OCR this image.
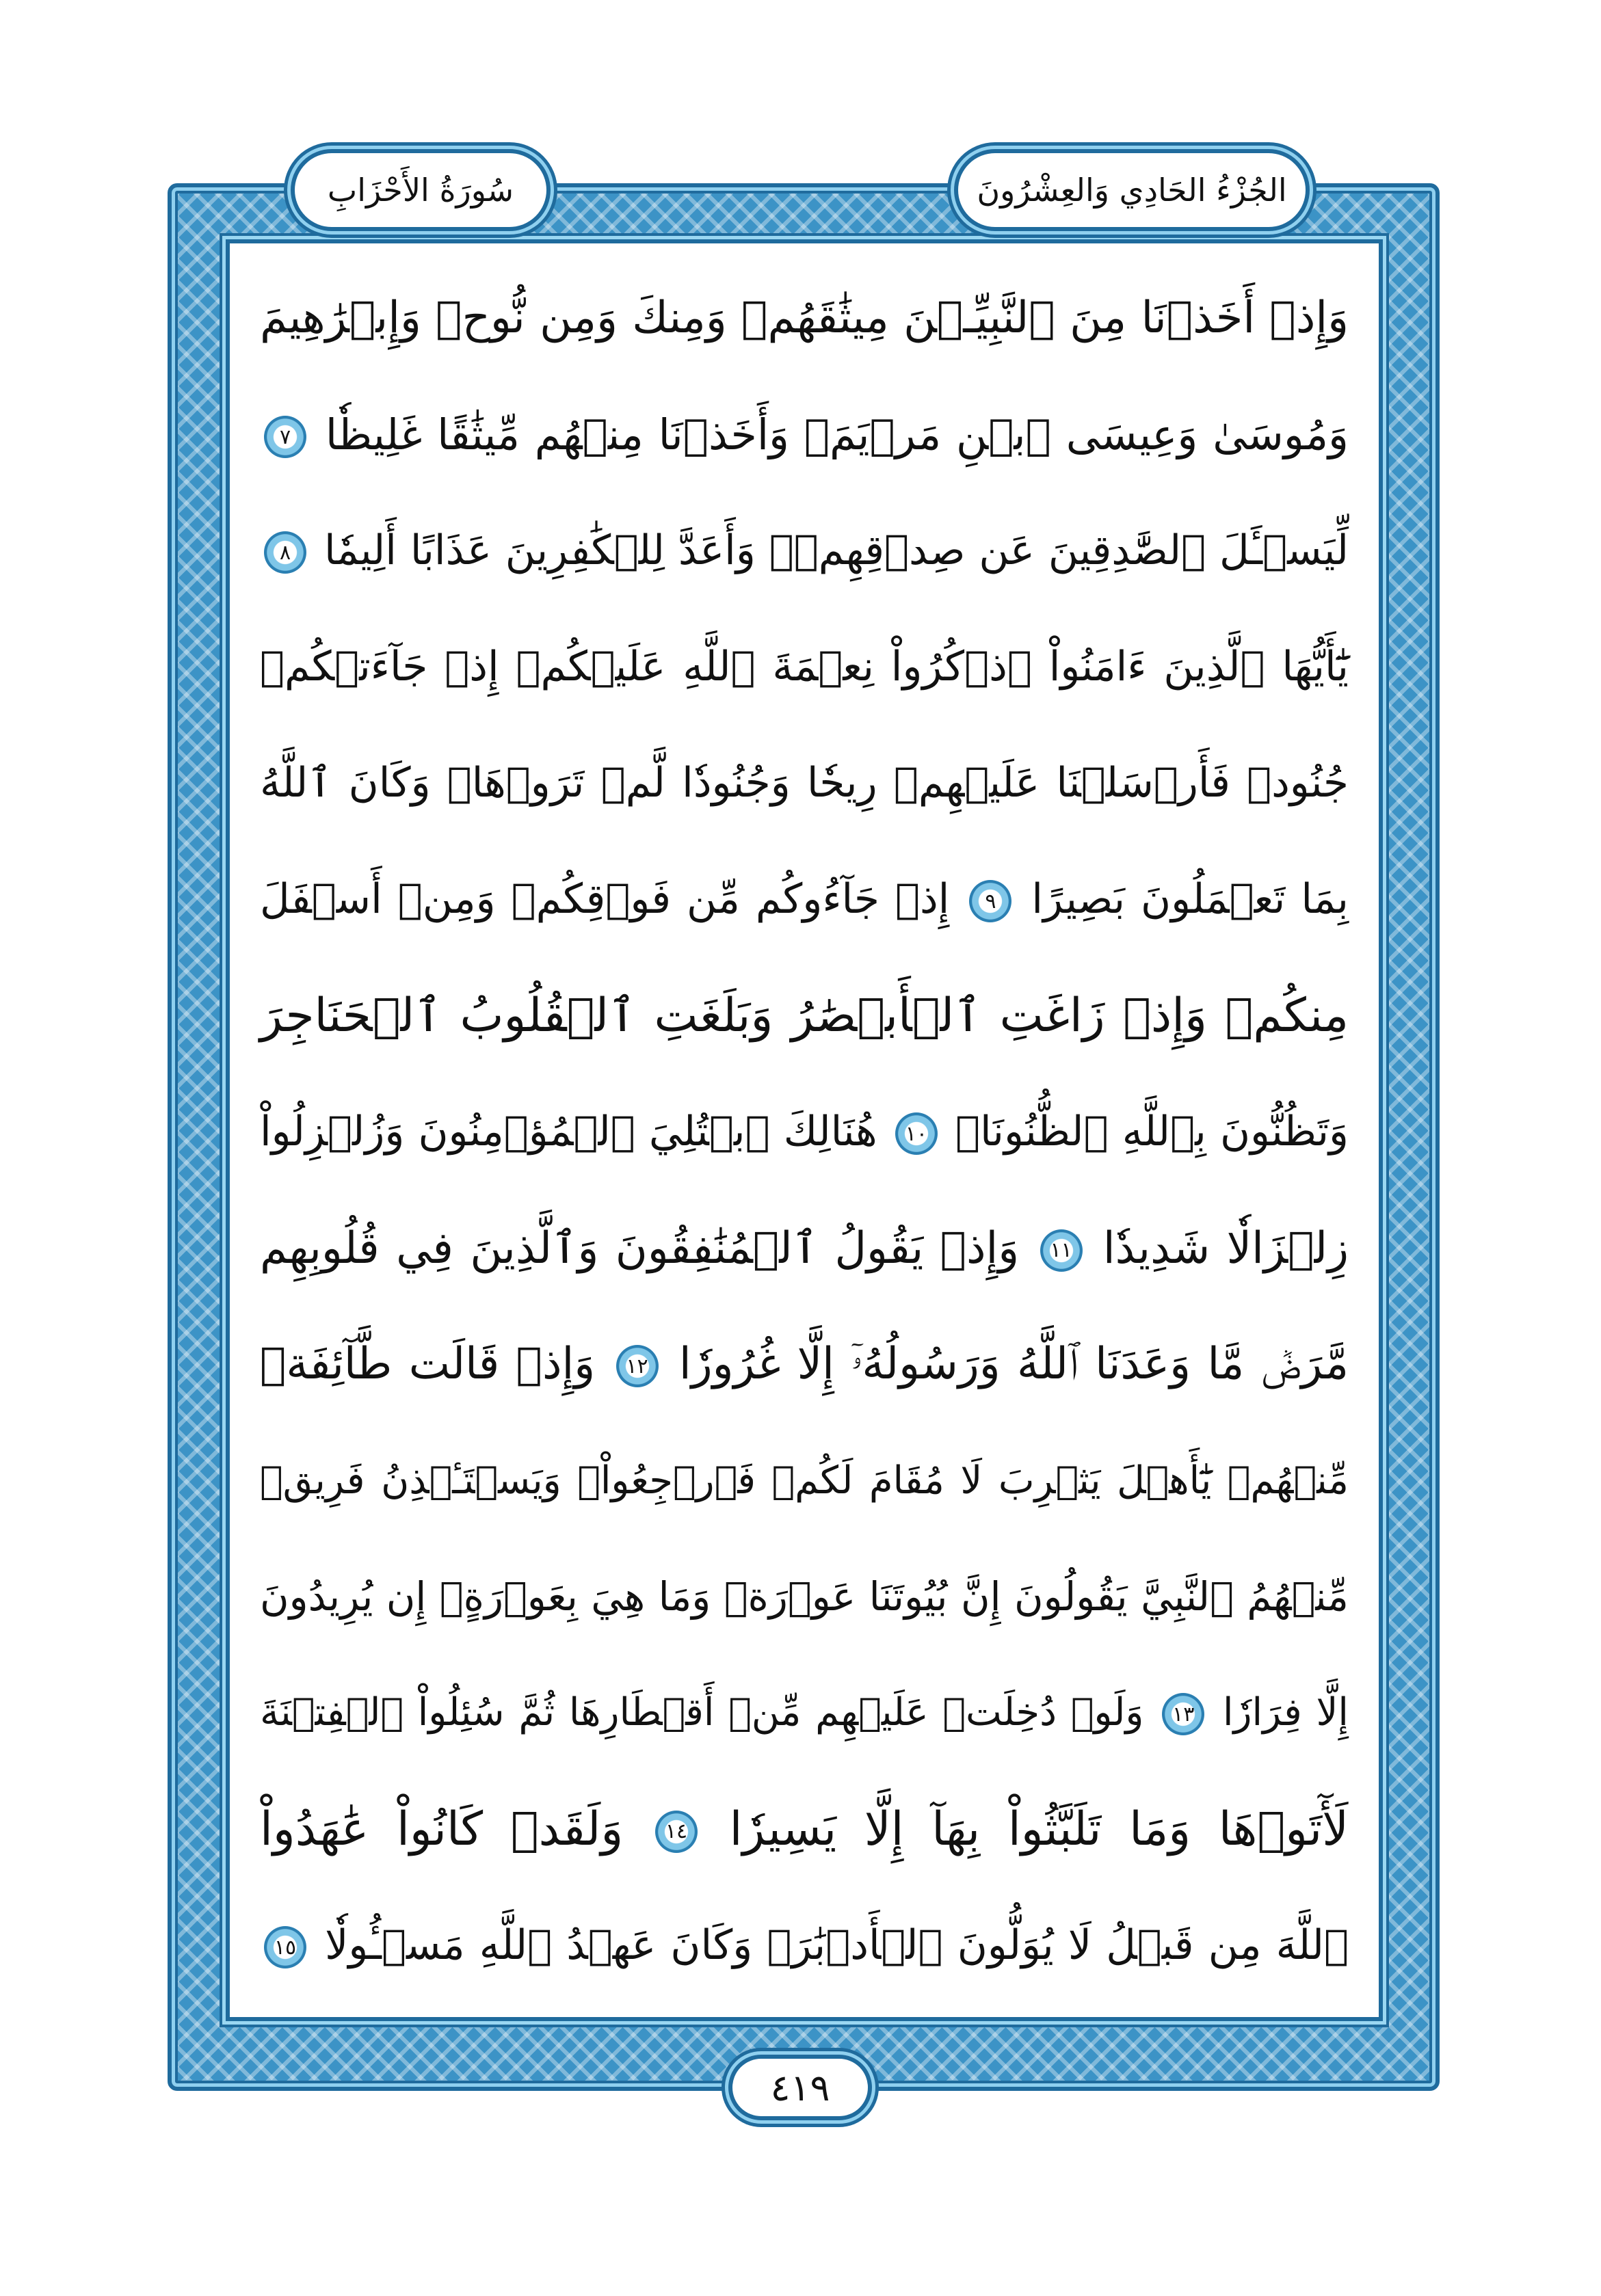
الجُزْءُ الحَادِي وَالعِشْرُونَ
سُورَةُ الأَحْزَابِ
وَإِذۡ أَخَذۡنَا مِنَ ٱلنَّبِيِّـۧنَ مِيثَٰقَهُمۡ وَمِنكَ وَمِن نُّوحٖ وَإِبۡرَٰهِيمَ
وَمُوسَىٰ وَعِيسَى ٱبۡنِ مَرۡيَمَۖ وَأَخَذۡنَا مِنۡهُم مِّيثَٰقًا غَلِيظٗا ٧
لِّيَسۡـَٔلَ ٱلصَّٰدِقِينَ عَن صِدۡقِهِمۡۚ وَأَعَدَّ لِلۡكَٰفِرِينَ عَذَابًا أَلِيمٗا ٨
يَٰٓأَيُّهَا ٱلَّذِينَ ءَامَنُواْ ٱذۡكُرُواْ نِعۡمَةَ ٱللَّهِ عَلَيۡكُمۡ إِذۡ جَآءَتۡكُمۡ
جُنُودٞ فَأَرۡسَلۡنَا عَلَيۡهِمۡ رِيحٗا وَجُنُودٗا لَّمۡ تَرَوۡهَاۚ وَكَانَ ٱللَّهُ
بِمَا تَعۡمَلُونَ بَصِيرًا ٩ إِذۡ جَآءُوكُم مِّن فَوۡقِكُمۡ وَمِنۡ أَسۡفَلَ
مِنكُمۡ وَإِذۡ زَاغَتِ ٱلۡأَبۡصَٰرُ وَبَلَغَتِ ٱلۡقُلُوبُ ٱلۡحَنَاجِرَ
وَتَظُنُّونَ بِٱللَّهِ ٱلظُّنُونَا۠ ١٠ هُنَالِكَ ٱبۡتُلِيَ ٱلۡمُؤۡمِنُونَ وَزُلۡزِلُواْ
زِلۡزَالٗا شَدِيدٗا ١١ وَإِذۡ يَقُولُ ٱلۡمُنَٰفِقُونَ وَٱلَّذِينَ فِي قُلُوبِهِم
مَّرَضٞ مَّا وَعَدَنَا ٱللَّهُ وَرَسُولُهُۥٓ إِلَّا غُرُورٗا ١٢ وَإِذۡ قَالَت طَّآئِفَةٞ
مِّنۡهُمۡ يَٰٓأَهۡلَ يَثۡرِبَ لَا مُقَامَ لَكُمۡ فَٱرۡجِعُواْۚ وَيَسۡتَـٔۡذِنُ فَرِيقٞ
مِّنۡهُمُ ٱلنَّبِيَّ يَقُولُونَ إِنَّ بُيُوتَنَا عَوۡرَةٞ وَمَا هِيَ بِعَوۡرَةٍۖ إِن يُرِيدُونَ
إِلَّا فِرَارٗا ١٣ وَلَوۡ دُخِلَتۡ عَلَيۡهِم مِّنۡ أَقۡطَارِهَا ثُمَّ سُئِلُواْ ٱلۡفِتۡنَةَ
لَأٓتَوۡهَا وَمَا تَلَبَّثُواْ بِهَآ إِلَّا يَسِيرٗا ١٤ وَلَقَدۡ كَانُواْ عَٰهَدُواْ
ٱللَّهَ مِن قَبۡلُ لَا يُوَلُّونَ ٱلۡأَدۡبَٰرَۚ وَكَانَ عَهۡدُ ٱللَّهِ مَسۡـُٔولٗا ١٥
٤١٩
